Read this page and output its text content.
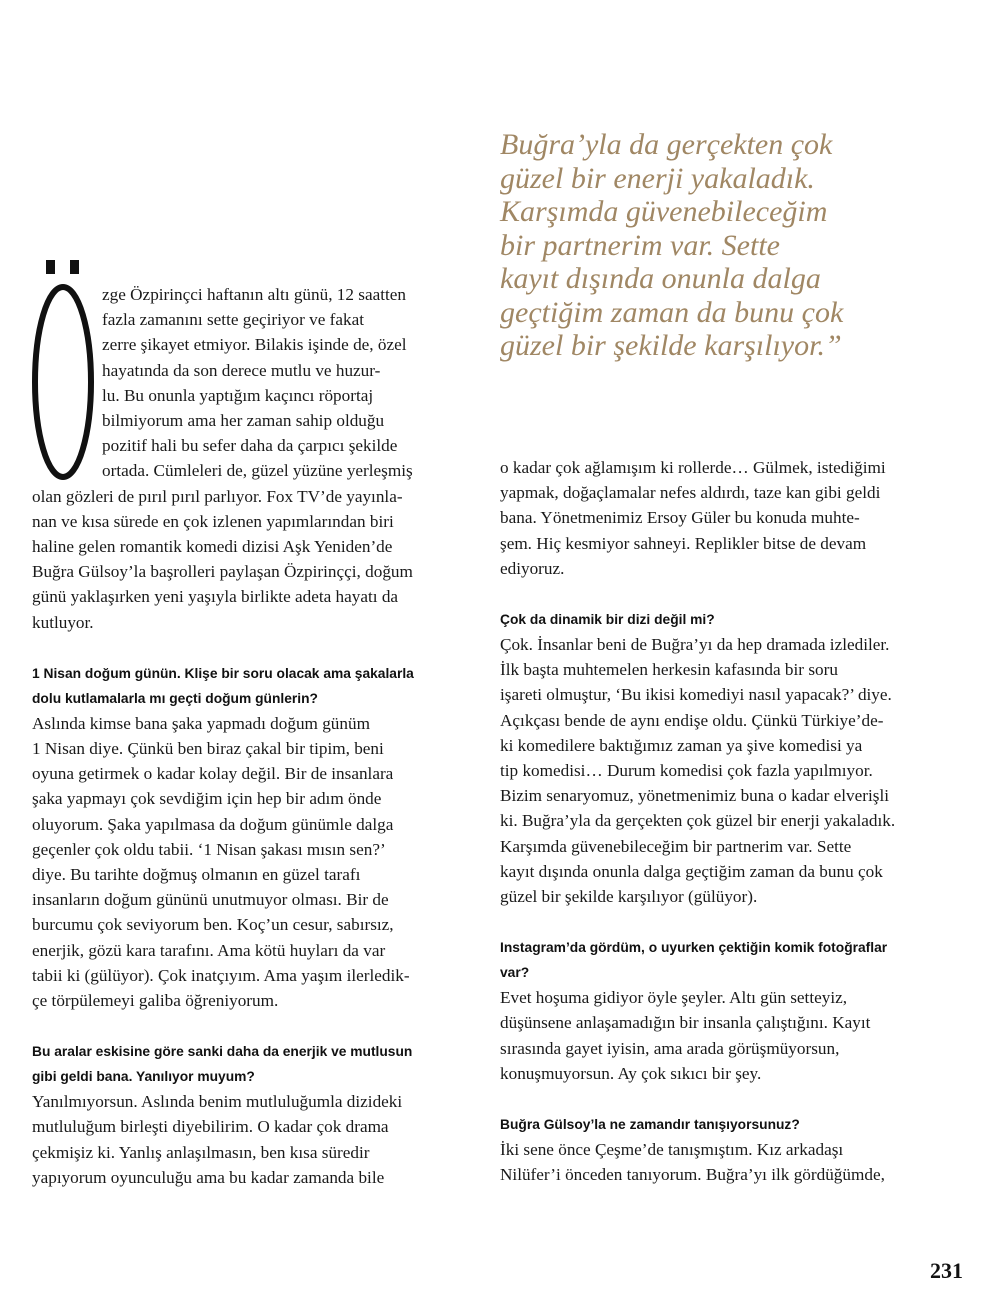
Buğra’yla da gerçekten çok
güzel bir enerji yakaladık.
Karşımda güvenebileceğim
bir partnerim var. Sette
kayıt dışında onunla dalga
geçtiğim zaman da bunu çok
güzel bir şekilde karşılıyor.”
Ö
zge Özpirinçci haftanın altı günü, 12 saatten
fazla zamanını sette geçiriyor ve fakat
zerre şikayet etmiyor. Bilakis işinde de, özel
hayatında da son derece mutlu ve huzur-
lu. Bu onunla yaptığım kaçıncı röportaj
bilmiyorum ama her zaman sahip olduğu
pozitif hali bu sefer daha da çarpıcı şekilde
ortada. Cümleleri de, güzel yüzüne yerleşmiş
olan gözleri de pırıl pırıl parlıyor. Fox TV’de yayınla-
nan ve kısa sürede en çok izlenen yapımlarından biri
haline gelen romantik komedi dizisi Aşk Yeniden’de
Buğra Gülsoy’la başrolleri paylaşan Özpirinççi, doğum
günü yaklaşırken yeni yaşıyla birlikte adeta hayatı da
kutluyor.
1 Nisan doğum günün. Klişe bir soru olacak ama şakalarla
dolu kutlamalarla mı geçti doğum günlerin?
Aslında kimse bana şaka yapmadı doğum günüm
1 Nisan diye. Çünkü ben biraz çakal bir tipim, beni
oyuna getirmek o kadar kolay değil. Bir de insanlara
şaka yapmayı çok sevdiğim için hep bir adım önde
oluyorum. Şaka yapılmasa da doğum günümle dalga
geçenler çok oldu tabii. ‘1 Nisan şakası mısın sen?’
diye. Bu tarihte doğmuş olmanın en güzel tarafı
insanların doğum gününü unutmuyor olması. Bir de
burcumu çok seviyorum ben. Koç’un cesur, sabırsız,
enerjik, gözü kara tarafını. Ama kötü huyları da var
tabii ki (gülüyor). Çok inatçıyım. Ama yaşım ilerledik-
çe törpülemeyi galiba öğreniyorum.
Bu aralar eskisine göre sanki daha da enerjik ve mutlusun
gibi geldi bana. Yanılıyor muyum?
Yanılmıyorsun. Aslında benim mutluluğumla dizideki
mutluluğum birleşti diyebilirim. O kadar çok drama
çekmişiz ki. Yanlış anlaşılmasın, ben kısa süredir
yapıyorum oyunculuğu ama bu kadar zamanda bile
o kadar çok ağlamışım ki rollerde… Gülmek, istediğimi
yapmak, doğaçlamalar nefes aldırdı, taze kan gibi geldi
bana. Yönetmenimiz Ersoy Güler bu konuda muhte-
şem. Hiç kesmiyor sahneyi. Replikler bitse de devam
ediyoruz.
Çok da dinamik bir dizi değil mi?
Çok. İnsanlar beni de Buğra’yı da hep dramada izlediler.
İlk başta muhtemelen herkesin kafasında bir soru
işareti olmuştur, ‘Bu ikisi komediyi nasıl yapacak?’ diye.
Açıkçası bende de aynı endişe oldu. Çünkü Türkiye’de-
ki komedilere baktığımız zaman ya şive komedisi ya
tip komedisi… Durum komedisi çok fazla yapılmıyor.
Bizim senaryomuz, yönetmenimiz buna o kadar elverişli
ki. Buğra’yla da gerçekten çok güzel bir enerji yakaladık.
Karşımda güvenebileceğim bir partnerim var. Sette
kayıt dışında onunla dalga geçtiğim zaman da bunu çok
güzel bir şekilde karşılıyor (gülüyor).
Instagram’da gördüm, o uyurken çektiğin komik fotoğraflar
var?
Evet hoşuma gidiyor öyle şeyler. Altı gün setteyiz,
düşünsene anlaşamadığın bir insanla çalıştığını. Kayıt
sırasında gayet iyisin, ama arada görüşmüyorsun,
konuşmuyorsun. Ay çok sıkıcı bir şey.
Buğra Gülsoy’la ne zamandır tanışıyorsunuz?
İki sene önce Çeşme’de tanışmıştım. Kız arkadaşı
Nilüfer’i önceden tanıyorum. Buğra’yı ilk gördüğümde,
231
